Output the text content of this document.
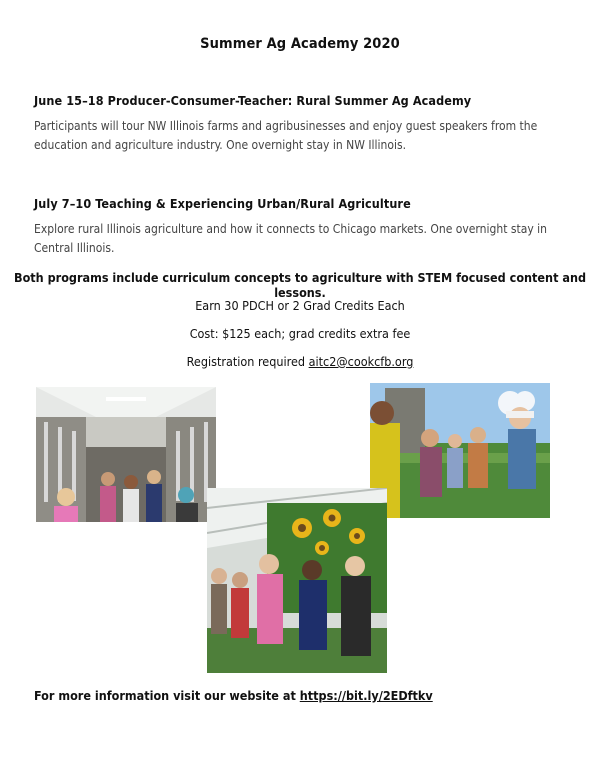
Summer Ag Academy 2020
June 15–18 Producer-Consumer-Teacher: Rural Summer Ag Academy
Participants will tour NW Illinois farms and agribusinesses and enjoy guest speakers from the education and agriculture industry. One overnight stay in NW Illinois.
July 7–10 Teaching & Experiencing Urban/Rural Agriculture
Explore rural Illinois agriculture and how it connects to Chicago markets. One overnight stay in Central Illinois.
Both programs include curriculum concepts to agriculture with STEM focused content and lessons.
Earn 30 PDCH or 2 Grad Credits Each
Cost: $125 each; grad credits extra fee
Registration required aitc2@cookcfb.org
For more information visit our website at https://bit.ly/2EDftkv
